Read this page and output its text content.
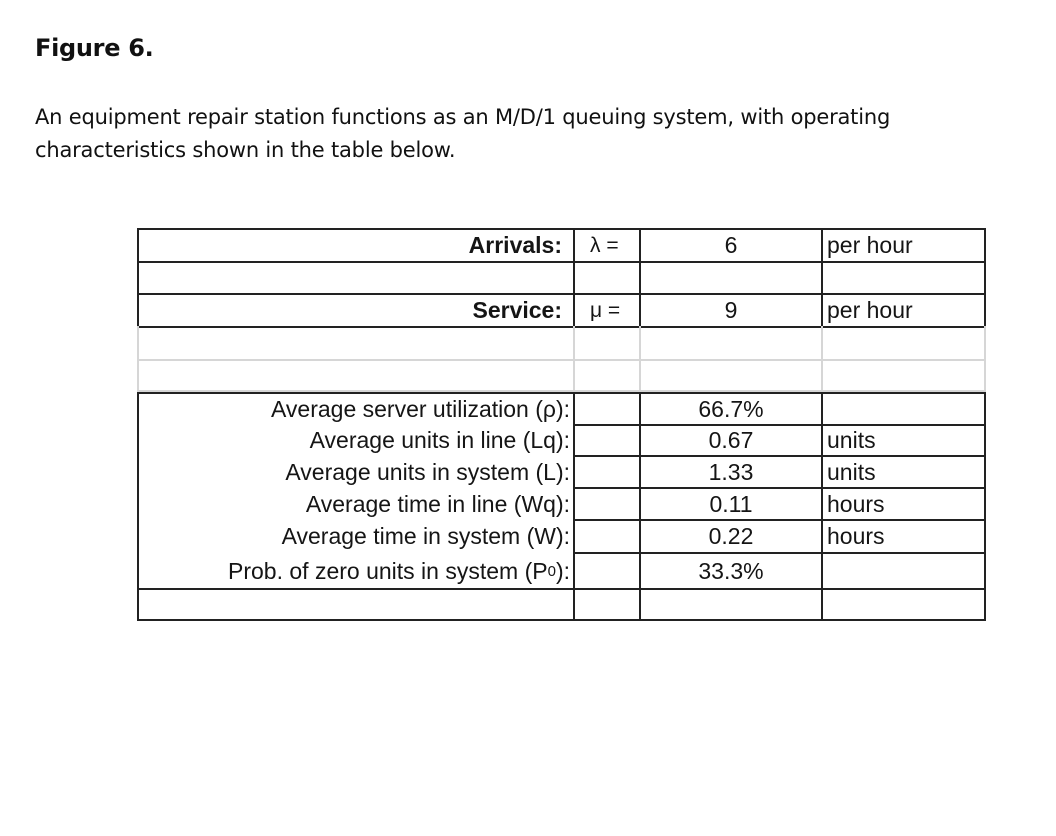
Figure 6.

An equipment repair station functions as an M/D/1 queuing system, with operating characteristics shown in the table below.

Arrivals: λ =	6	per hour
Service: μ =	9	per hour
Average server utilization (ρ):	66.7%
Average units in line (Lq):	0.67	units
Average units in system (L):	1.33	units
Average time in line (Wq):	0.11	hours
Average time in system (W):	0.22	hours
Prob. of zero units in system (P 0 ):	33.3%
